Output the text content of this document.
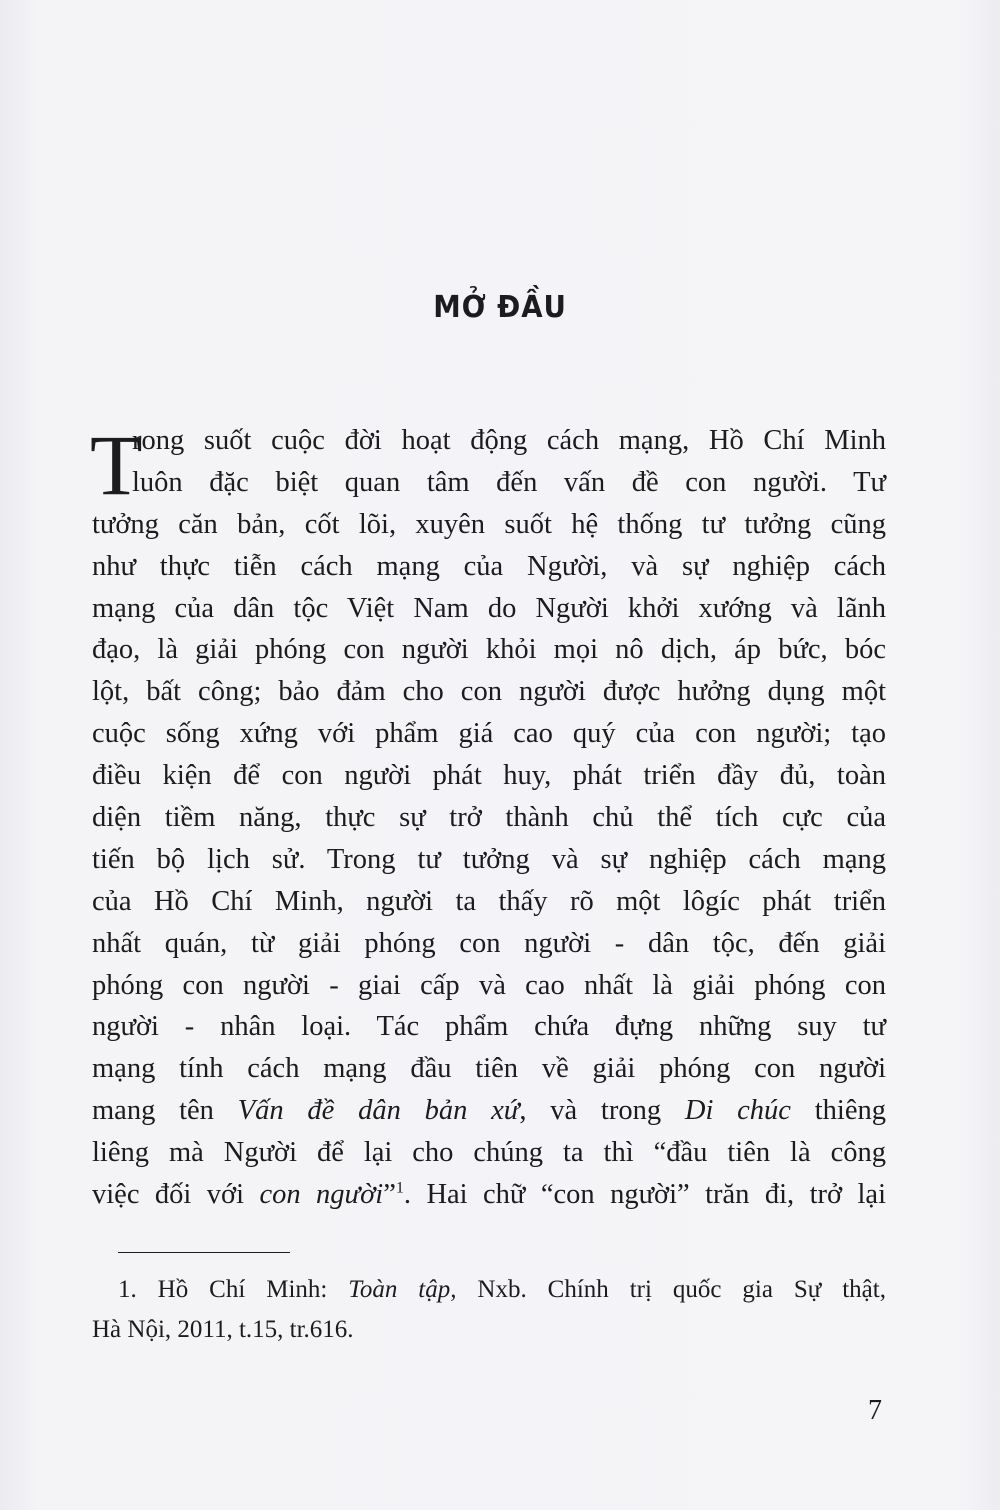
MỞ ĐẦU
T
rong suốt cuộc đời hoạt động cách mạng, Hồ Chí Minh
luôn đặc biệt quan tâm đến vấn đề con người. Tư
tưởng căn bản, cốt lõi, xuyên suốt hệ thống tư tưởng cũng
như thực tiễn cách mạng của Người, và sự nghiệp cách
mạng của dân tộc Việt Nam do Người khởi xướng và lãnh
đạo, là giải phóng con người khỏi mọi nô dịch, áp bức, bóc
lột, bất công; bảo đảm cho con người được hưởng dụng một
cuộc sống xứng với phẩm giá cao quý của con người; tạo
điều kiện để con người phát huy, phát triển đầy đủ, toàn
diện tiềm năng, thực sự trở thành chủ thể tích cực của
tiến bộ lịch sử. Trong tư tưởng và sự nghiệp cách mạng
của Hồ Chí Minh, người ta thấy rõ một lôgíc phát triển
nhất quán, từ giải phóng con người - dân tộc, đến giải
phóng con người - giai cấp và cao nhất là giải phóng con
người - nhân loại. Tác phẩm chứa đựng những suy tư
mạng tính cách mạng đầu tiên về giải phóng con người
mang tên Vấn đề dân bản xứ, và trong Di chúc thiêng
liêng mà Người để lại cho chúng ta thì “đầu tiên là công
việc đối với con người”$^1$. Hai chữ “con người” trăn đi, trở lại
1. Hồ Chí Minh: Toàn tập, Nxb. Chính trị quốc gia Sự thật,
Hà Nội, 2011, t.15, tr.616.
7
